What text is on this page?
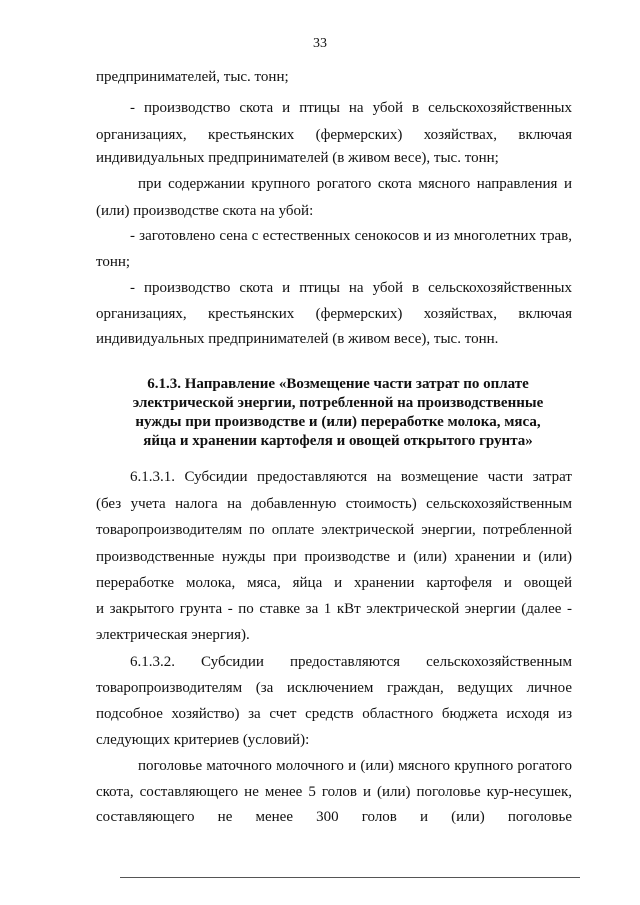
33
предпринимателей, тыс. тонн;
- производство скота и птицы на убой в сельскохозяйственных
организациях, крестьянских (фермерских) хозяйствах, включая
индивидуальных предпринимателей (в живом весе), тыс. тонн;
при содержании крупного рогатого скота мясного направления и
(или) производстве скота на убой:
- заготовлено сена с естественных сенокосов и из многолетних трав,
тонн;
- производство скота и птицы на убой в сельскохозяйственных
организациях, крестьянских (фермерских) хозяйствах, включая
индивидуальных предпринимателей (в живом весе), тыс. тонн.
6.1.3. Направление «Возмещение части затрат по оплате
электрической энергии, потребленной на производственные
нужды при производстве и (или) переработке молока, мяса,
яйца и хранении картофеля и овощей открытого грунта»
6.1.3.1. Субсидии предоставляются на возмещение части затрат
(без учета налога на добавленную стоимость) сельскохозяйственным
товаропроизводителям по оплате электрической энергии, потребленной
производственные нужды при производстве и (или) хранении и (или)
переработке молока, мяса, яйца и хранении картофеля и овощей
и закрытого грунта - по ставке за 1 кВт электрической энергии (далее -
электрическая энергия).
6.1.3.2. Субсидии предоставляются сельскохозяйственным
товаропроизводителям (за исключением граждан, ведущих личное
подсобное хозяйство) за счет средств областного бюджета исходя из
следующих критериев (условий):
поголовье маточного молочного и (или) мясного крупного рогатого
скота, составляющего не менее 5 голов и (или) поголовье кур-несушек,
составляющего не менее 300 голов и (или) поголовье
